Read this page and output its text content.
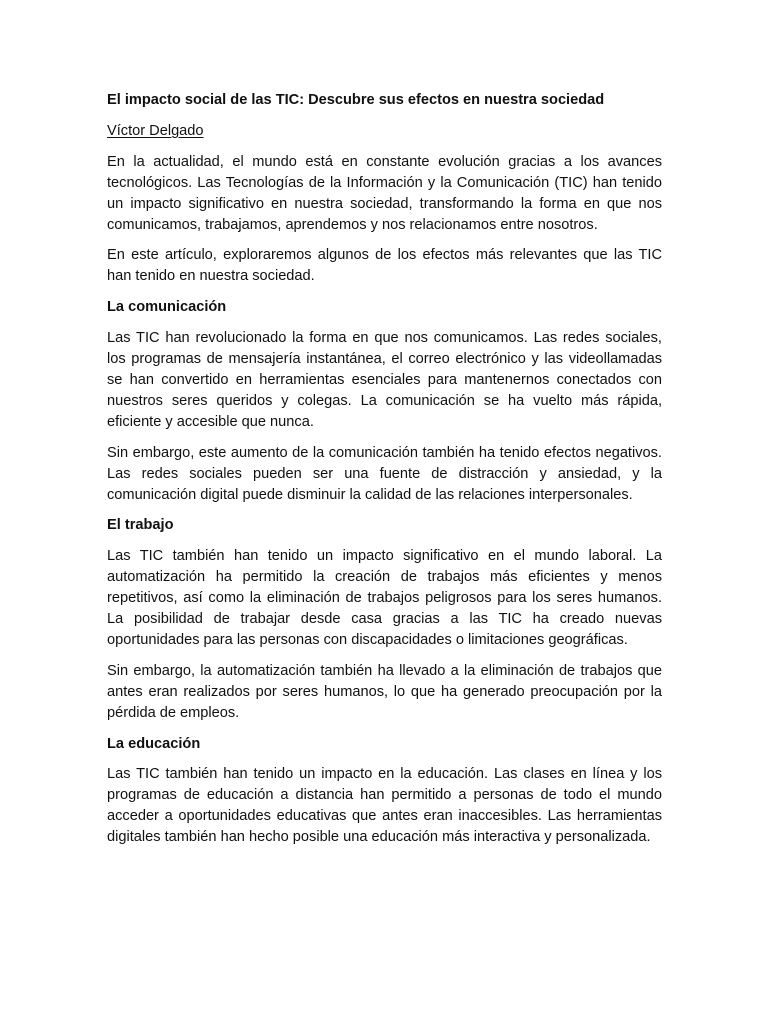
El impacto social de las TIC: Descubre sus efectos en nuestra sociedad
Víctor Delgado

En la actualidad, el mundo está en constante evolución gracias a los avances tecnológicos. Las Tecnologías de la Información y la Comunicación (TIC) han tenido un impacto significativo en nuestra sociedad, transformando la forma en que nos comunicamos, trabajamos, aprendemos y nos relacionamos entre nosotros.

En este artículo, exploraremos algunos de los efectos más relevantes que las TIC han tenido en nuestra sociedad.

La comunicación

Las TIC han revolucionado la forma en que nos comunicamos. Las redes sociales, los programas de mensajería instantánea, el correo electrónico y las videollamadas se han convertido en herramientas esenciales para mantenernos conectados con nuestros seres queridos y colegas. La comunicación se ha vuelto más rápida, eficiente y accesible que nunca.

Sin embargo, este aumento de la comunicación también ha tenido efectos negativos. Las redes sociales pueden ser una fuente de distracción y ansiedad, y la comunicación digital puede disminuir la calidad de las relaciones interpersonales.

El trabajo

Las TIC también han tenido un impacto significativo en el mundo laboral. La automatización ha permitido la creación de trabajos más eficientes y menos repetitivos, así como la eliminación de trabajos peligrosos para los seres humanos. La posibilidad de trabajar desde casa gracias a las TIC ha creado nuevas oportunidades para las personas con discapacidades o limitaciones geográficas.

Sin embargo, la automatización también ha llevado a la eliminación de trabajos que antes eran realizados por seres humanos, lo que ha generado preocupación por la pérdida de empleos.

La educación

Las TIC también han tenido un impacto en la educación. Las clases en línea y los programas de educación a distancia han permitido a personas de todo el mundo acceder a oportunidades educativas que antes eran inaccesibles. Las herramientas digitales también han hecho posible una educación más interactiva y personalizada.
